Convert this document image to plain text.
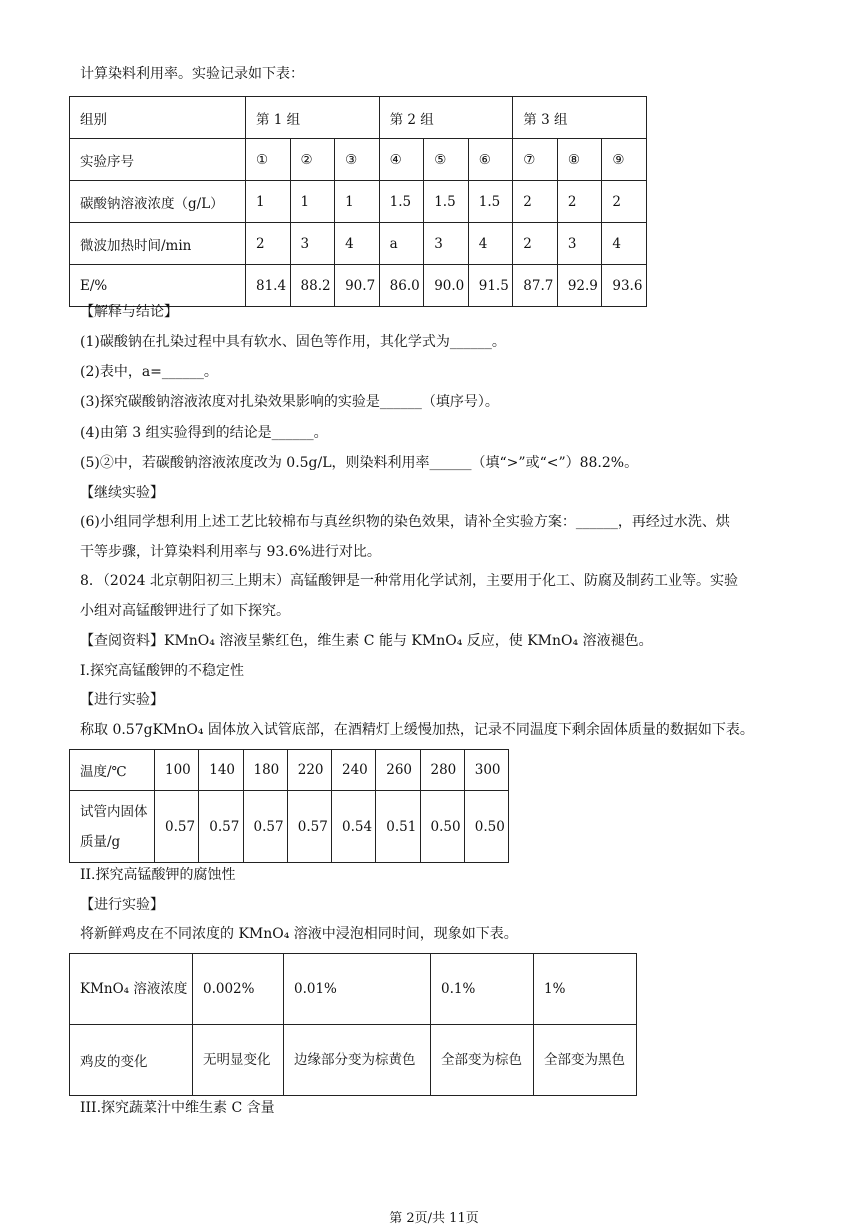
计算染料利用率。实验记录如下表：
组别	第 1 组			第 2 组			第 3 组		
实验序号	①	②	③	④	⑤	⑥	⑦	⑧	⑨
碳酸钠溶液浓度（g/L）	1	1	1	1.5	1.5	1.5	2	2	2
微波加热时间/min	2	3	4	a	3	4	2	3	4
E/%	81.4	88.2	90.7	86.0	90.0	91.5	87.7	92.9	93.6
【解释与结论】
(1)碳酸钠在扎染过程中具有软水、固色等作用，其化学式为______。
(2)表中，a=______。
(3)探究碳酸钠溶液浓度对扎染效果影响的实验是______（填序号）。
(4)由第 3 组实验得到的结论是______。
(5)②中，若碳酸钠溶液浓度改为 0.5g/L，则染料利用率______（填“>”或“<”）88.2%。
【继续实验】
(6)小组同学想利用上述工艺比较棉布与真丝织物的染色效果，请补全实验方案：______，再经过水洗、烘
干等步骤，计算染料利用率与 93.6%进行对比。
8．（2024 北京朝阳初三上期末）高锰酸钾是一种常用化学试剂，主要用于化工、防腐及制药工业等。实验
小组对高锰酸钾进行了如下探究。
【查阅资料】KMnO₄ 溶液呈紫红色，维生素 C 能与 KMnO₄ 反应，使 KMnO₄ 溶液褪色。
I.探究高锰酸钾的不稳定性
【进行实验】
称取 0.57gKMnO₄ 固体放入试管底部，在酒精灯上缓慢加热，记录不同温度下剩余固体质量的数据如下表。
温度/℃	100	140	180	220	240	260	280	300
试管内固体质量/g	0.57	0.57	0.57	0.57	0.54	0.51	0.50	0.50
II.探究高锰酸钾的腐蚀性
【进行实验】
将新鲜鸡皮在不同浓度的 KMnO₄ 溶液中浸泡相同时间，现象如下表。
KMnO₄ 溶液浓度	0.002%	0.01%	0.1%	1%
鸡皮的变化	无明显变化	边缘部分变为棕黄色	全部变为棕色	全部变为黑色
III.探究蔬菜汁中维生素 C 含量
第 2页/共 11页
